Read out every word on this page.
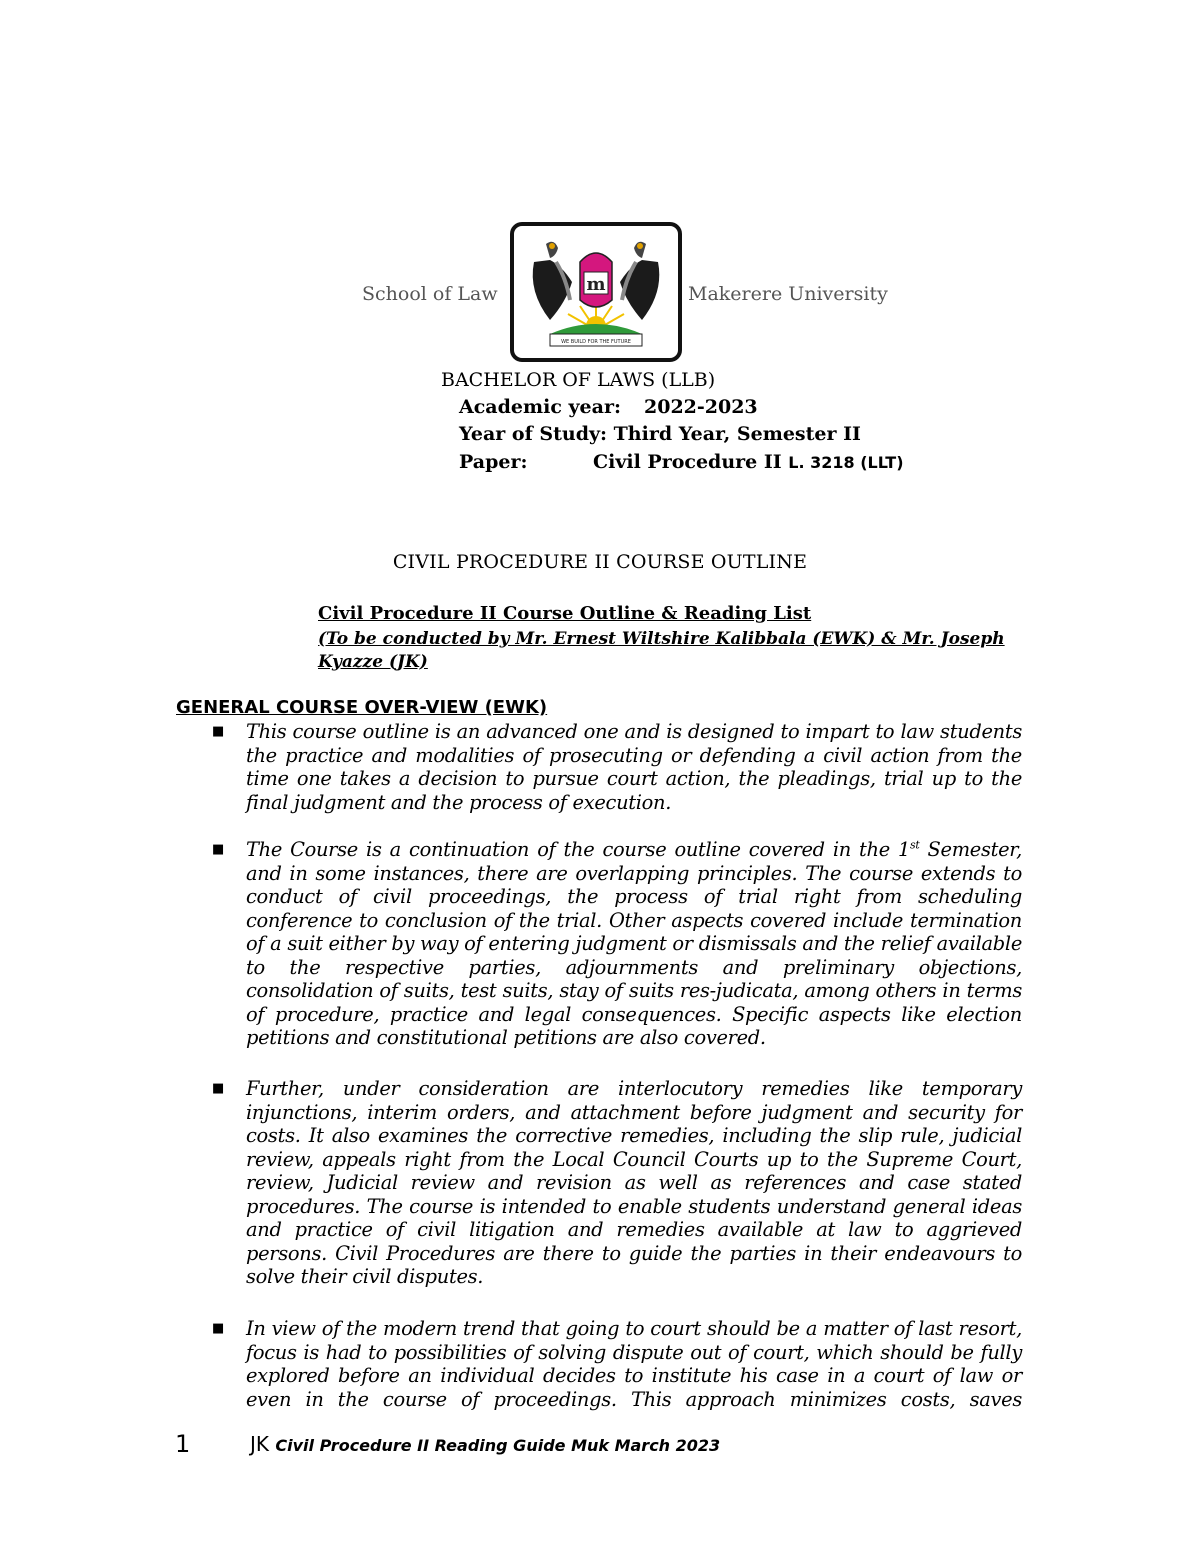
School of Law	m
WE BUILD FOR THE FUTURE
Makerere University
BACHELOR OF LAWS (LLB)
Academic year: 2022-2023
Year of Study: Third Year, Semester II
Paper:	Civil Procedure II L. 3218 (LLT)
CIVIL PROCEDURE II COURSE OUTLINE
Civil Procedure II Course Outline & Reading List
(To be conducted by Mr. Ernest Wiltshire Kalibbala (EWK) & Mr. Joseph Kyazze (JK)
GENERAL COURSE OVER-VIEW (EWK)
■ This course outline is an advanced one and is designed to impart to law students the practice and modalities of prosecuting or defending a civil action from the time one takes a decision to pursue court action, the pleadings, trial up to the final judgment and the process of execution.
■ The Course is a continuation of the course outline covered in the 1st Semester, and in some instances, there are overlapping principles. The course extends to conduct of civil proceedings, the process of trial right from scheduling conference to conclusion of the trial. Other aspects covered include termination of a suit either by way of entering judgment or dismissals and the relief available to the respective parties, adjournments and preliminary objections, consolidation of suits, test suits, stay of suits res-judicata, among others in terms of procedure, practice and legal consequences. Specific aspects like election petitions and constitutional petitions are also covered.
■ Further, under consideration are interlocutory remedies like temporary injunctions, interim orders, and attachment before judgment and security for costs. It also examines the corrective remedies, including the slip rule, judicial review, appeals right from the Local Council Courts up to the Supreme Court, review, Judicial review and revision as well as references and case stated procedures. The course is intended to enable students understand general ideas and practice of civil litigation and remedies available at law to aggrieved persons. Civil Procedures are there to guide the parties in their endeavours to solve their civil disputes.
■ In view of the modern trend that going to court should be a matter of last resort, focus is had to possibilities of solving dispute out of court, which should be fully explored before an individual decides to institute his case in a court of law or even in the course of proceedings. This approach minimizes costs, saves
1	JK Civil Procedure II Reading Guide Muk March 2023
